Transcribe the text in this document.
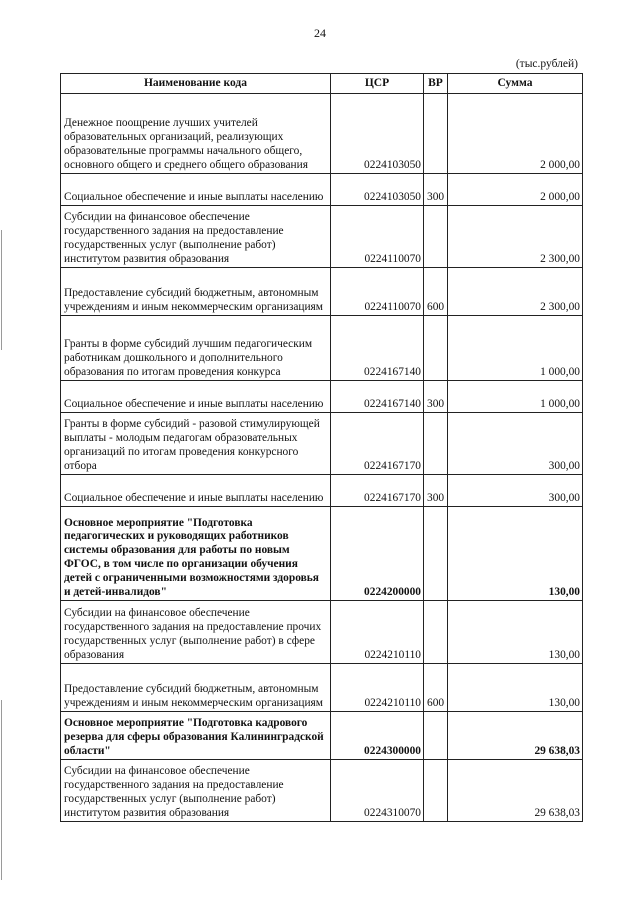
24
(тыс.рублей)
Наименование кода	ЦСР	ВР	Сумма
Денежное поощрение лучших учителей образовательных организаций, реализующих образовательные программы начального общего, основного общего и среднего общего образования	0224103050		2 000,00
Социальное обеспечение и иные выплаты населению	0224103050	300	2 000,00
Субсидии на финансовое обеспечение государственного задания на предоставление государственных услуг (выполнение работ) институтом развития образования	0224110070		2 300,00
Предоставление субсидий бюджетным, автономным учреждениям и иным некоммерческим организациям	0224110070	600	2 300,00
Гранты в форме субсидий лучшим педагогическим работникам дошкольного и дополнительного образования по итогам проведения конкурса	0224167140		1 000,00
Социальное обеспечение и иные выплаты населению	0224167140	300	1 000,00
Гранты в форме субсидий - разовой стимулирующей выплаты - молодым педагогам образовательных организаций по итогам проведения конкурсного отбора	0224167170		300,00
Социальное обеспечение и иные выплаты населению	0224167170	300	300,00
Основное мероприятие "Подготовка педагогических и руководящих работников системы образования для работы по новым ФГОС, в том числе по организации обучения детей с ограниченными возможностями здоровья и детей-инвалидов"	0224200000		130,00
Субсидии на финансовое обеспечение государственного задания на предоставление прочих государственных услуг (выполнение работ) в сфере образования	0224210110		130,00
Предоставление субсидий бюджетным, автономным учреждениям и иным некоммерческим организациям	0224210110	600	130,00
Основное мероприятие "Подготовка кадрового резерва для сферы образования Калининградской области"	0224300000		29 638,03
Субсидии на финансовое обеспечение государственного задания на предоставление государственных услуг (выполнение работ) институтом развития образования	0224310070		29 638,03
